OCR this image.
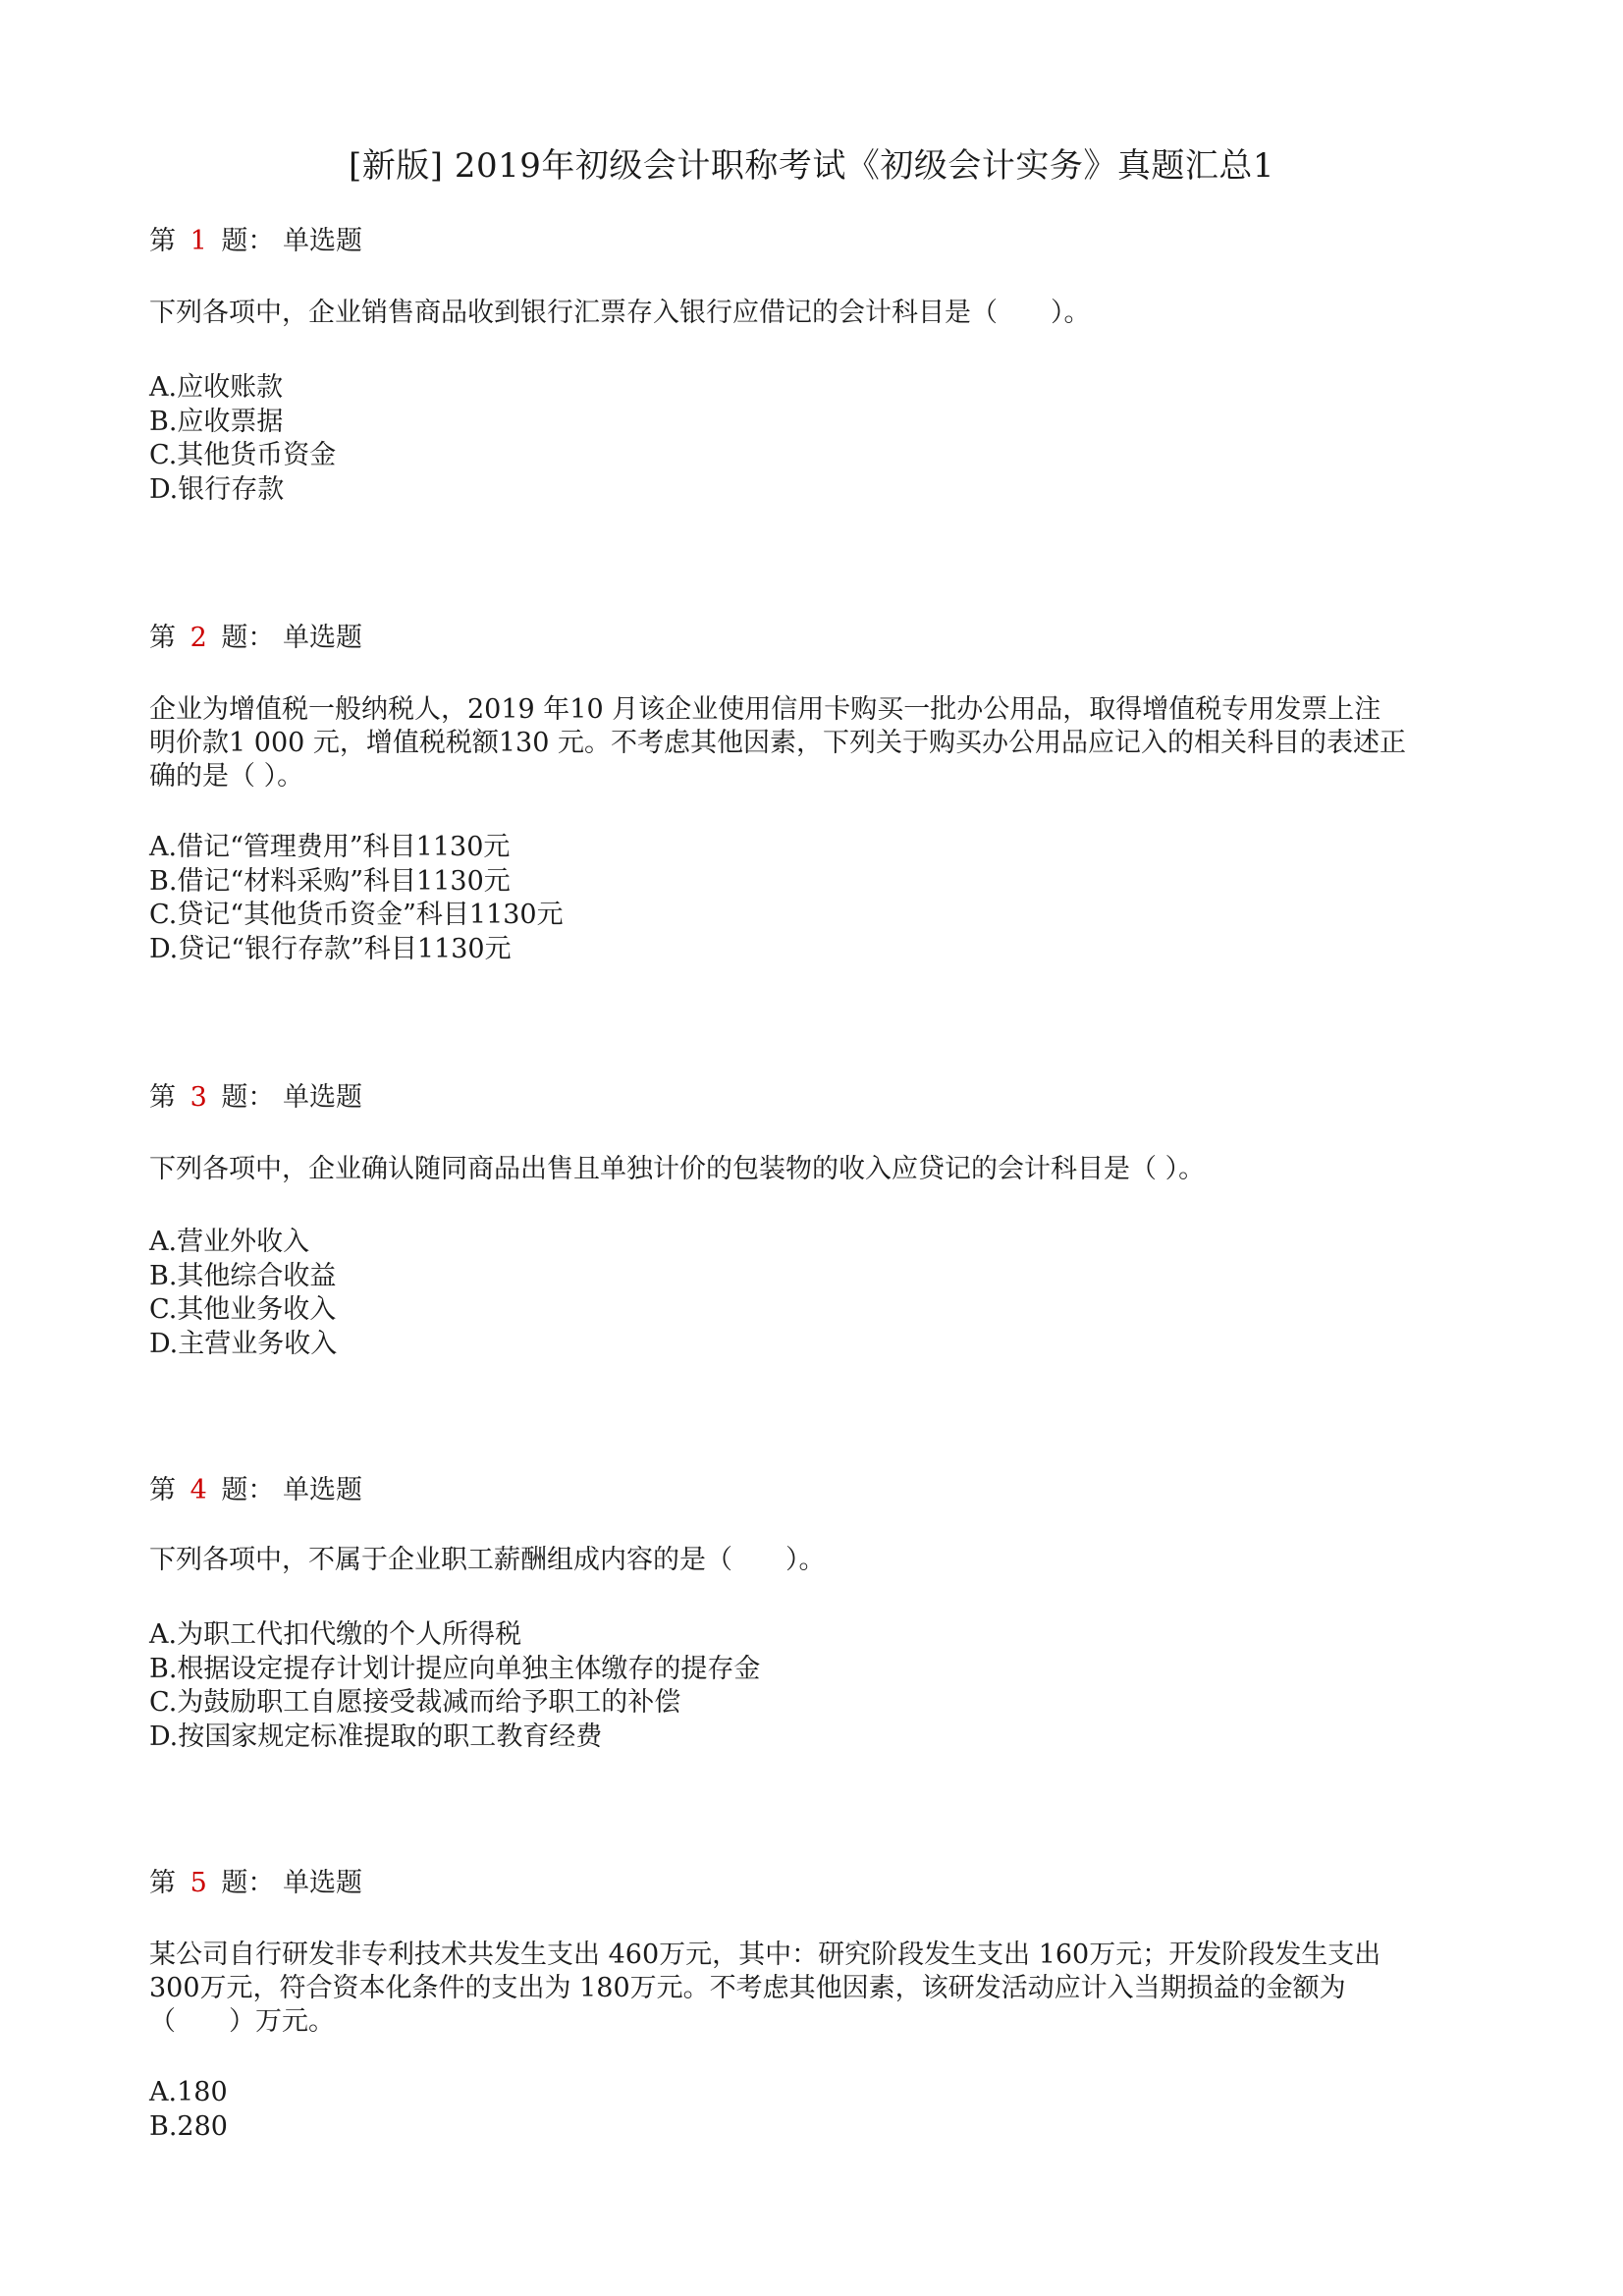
[新版] 2019年初级会计职称考试《初级会计实务》真题汇总1
第 1 题： 单选题
下列各项中，企业销售商品收到银行汇票存入银行应借记的会计科目是（　　）。
A.应收账款
B.应收票据
C.其他货币资金
D.银行存款
第 2 题： 单选题
企业为增值税一般纳税人，2019 年10 月该企业使用信用卡购买一批办公用品，取得增值税专用发票上注
明价款1 000 元，增值税税额130 元。不考虑其他因素，下列关于购买办公用品应记入的相关科目的表述正
确的是（ ）。
A.借记“管理费用”科目1130元
B.借记“材料采购”科目1130元
C.贷记“其他货币资金”科目1130元
D.贷记“银行存款”科目1130元
第 3 题： 单选题
下列各项中，企业确认随同商品出售且单独计价的包装物的收入应贷记的会计科目是（ ）。
A.营业外收入
B.其他综合收益
C.其他业务收入
D.主营业务收入
第 4 题： 单选题
下列各项中，不属于企业职工薪酬组成内容的是（　　）。
A.为职工代扣代缴的个人所得税
B.根据设定提存计划计提应向单独主体缴存的提存金
C.为鼓励职工自愿接受裁减而给予职工的补偿
D.按国家规定标准提取的职工教育经费
第 5 题： 单选题
某公司自行研发非专利技术共发生支出 460万元，其中：研究阶段发生支出 160万元；开发阶段发生支出
300万元，符合资本化条件的支出为 180万元。不考虑其他因素，该研发活动应计入当期损益的金额为
（　　）万元。
A.180
B.280
